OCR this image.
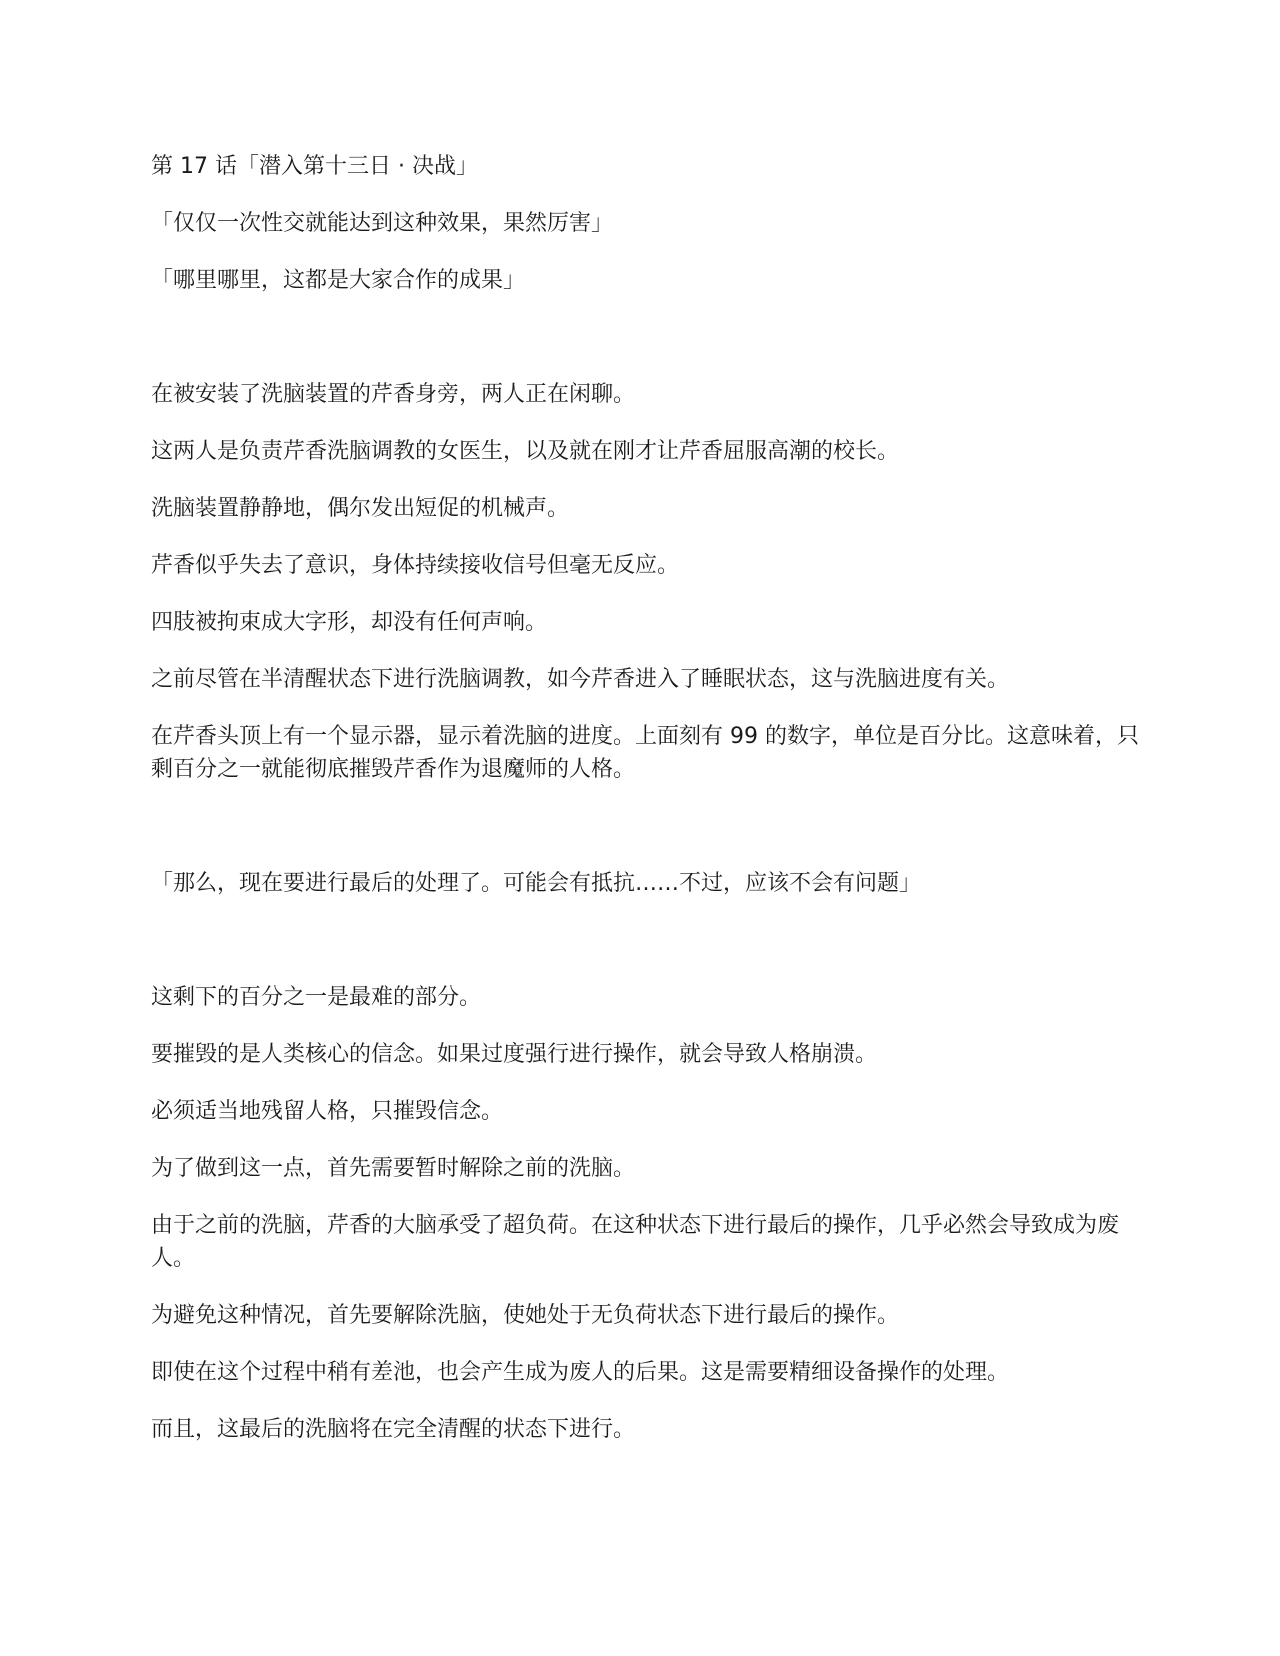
第 17 话「潜入第十三日 · 决战」

「仅仅一次性交就能达到这种效果，果然厉害」

「哪里哪里，这都是大家合作的成果」

在被安装了洗脑装置的芹香身旁，两人正在闲聊。

这两人是负责芹香洗脑调教的女医生，以及就在刚才让芹香屈服高潮的校长。

洗脑装置静静地，偶尔发出短促的机械声。

芹香似乎失去了意识，身体持续接收信号但毫无反应。

四肢被拘束成大字形，却没有任何声响。

之前尽管在半清醒状态下进行洗脑调教，如今芹香进入了睡眠状态，这与洗脑进度有关。

在芹香头顶上有一个显示器，显示着洗脑的进度。上面刻有 99 的数字，单位是百分比。这意味着，只剩百分之一就能彻底摧毁芹香作为退魔师的人格。

「那么，现在要进行最后的处理了。可能会有抵抗……不过，应该不会有问题」

这剩下的百分之一是最难的部分。

要摧毁的是人类核心的信念。如果过度强行进行操作，就会导致人格崩溃。

必须适当地残留人格，只摧毁信念。

为了做到这一点，首先需要暂时解除之前的洗脑。

由于之前的洗脑，芹香的大脑承受了超负荷。在这种状态下进行最后的操作，几乎必然会导致成为废人。

为避免这种情况，首先要解除洗脑，使她处于无负荷状态下进行最后的操作。

即使在这个过程中稍有差池，也会产生成为废人的后果。这是需要精细设备操作的处理。

而且，这最后的洗脑将在完全清醒的状态下进行。
